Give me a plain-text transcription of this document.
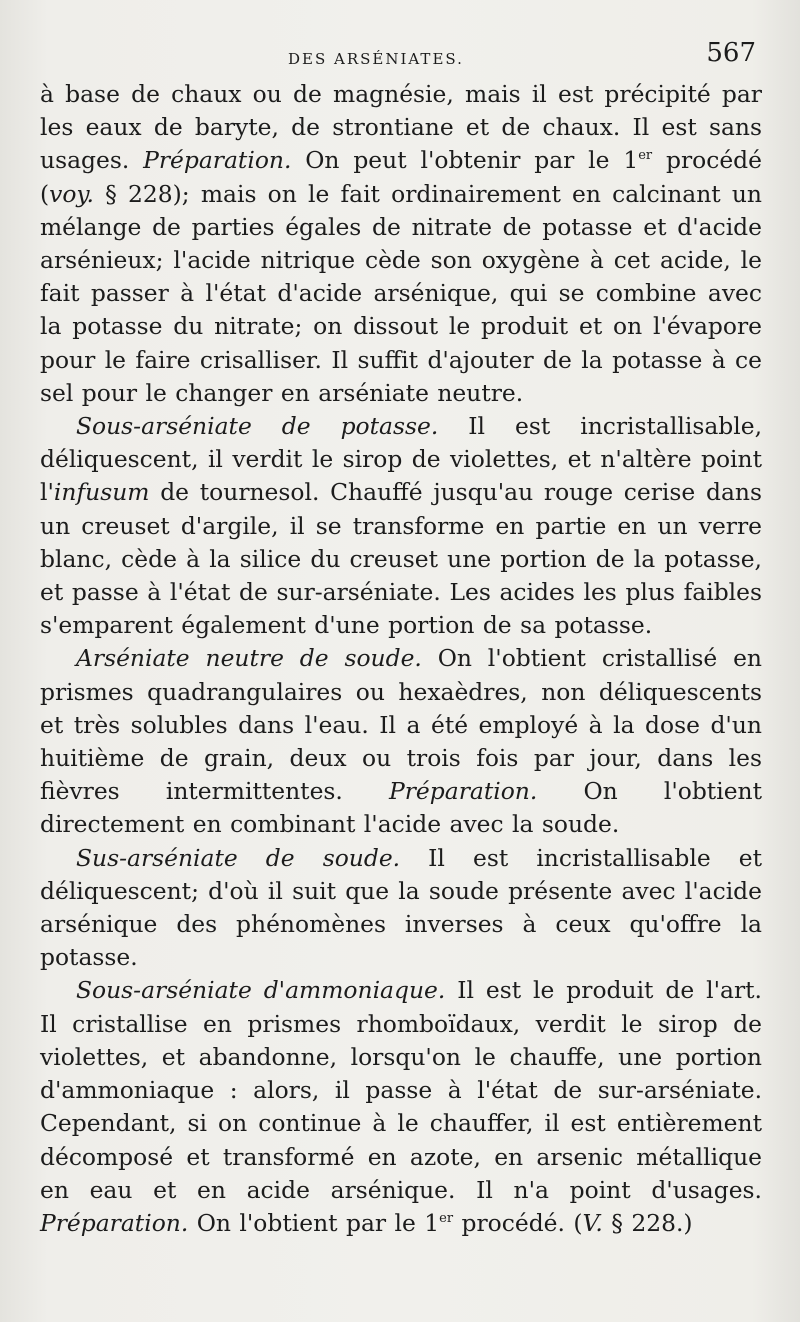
DES ARSÉNIATES.	567

à base de chaux ou de magnésie, mais il est précipité par les eaux de baryte, de strontiane et de chaux. Il est sans usages. Préparation. On peut l'obtenir par le 1er procédé (voy. § 228); mais on le fait ordinairement en calcinant un mélange de parties égales de nitrate de potasse et d'acide arsénieux; l'acide nitrique cède son oxygène à cet acide, le fait passer à l'état d'acide arsénique, qui se combine avec la potasse du nitrate; on dissout le produit et on l'évapore pour le faire crisalliser. Il suffit d'ajouter de la potasse à ce sel pour le changer en arséniate neutre.

Sous-arséniate de potasse. Il est incristallisable, déliquescent, il verdit le sirop de violettes, et n'altère point l'infusum de tournesol. Chauffé jusqu'au rouge cerise dans un creuset d'argile, il se transforme en partie en un verre blanc, cède à la silice du creuset une portion de la potasse, et passe à l'état de sur-arséniate. Les acides les plus faibles s'emparent également d'une portion de sa potasse.

Arséniate neutre de soude. On l'obtient cristallisé en prismes quadrangulaires ou hexaèdres, non déliquescents et très solubles dans l'eau. Il a été employé à la dose d'un huitième de grain, deux ou trois fois par jour, dans les fièvres intermittentes. Préparation. On l'obtient directement en combinant l'acide avec la soude.

Sus-arséniate de soude. Il est incristallisable et déliquescent; d'où il suit que la soude présente avec l'acide arsénique des phénomènes inverses à ceux qu'offre la potasse.

Sous-arséniate d'ammoniaque. Il est le produit de l'art. Il cristallise en prismes rhomboïdaux, verdit le sirop de violettes, et abandonne, lorsqu'on le chauffe, une portion d'ammoniaque : alors, il passe à l'état de sur-arséniate. Cependant, si on continue à le chauffer, il est entièrement décomposé et transformé en azote, en arsenic métallique en eau et en acide arsénique. Il n'a point d'usages. Préparation. On l'obtient par le 1er procédé. (V. § 228.)
